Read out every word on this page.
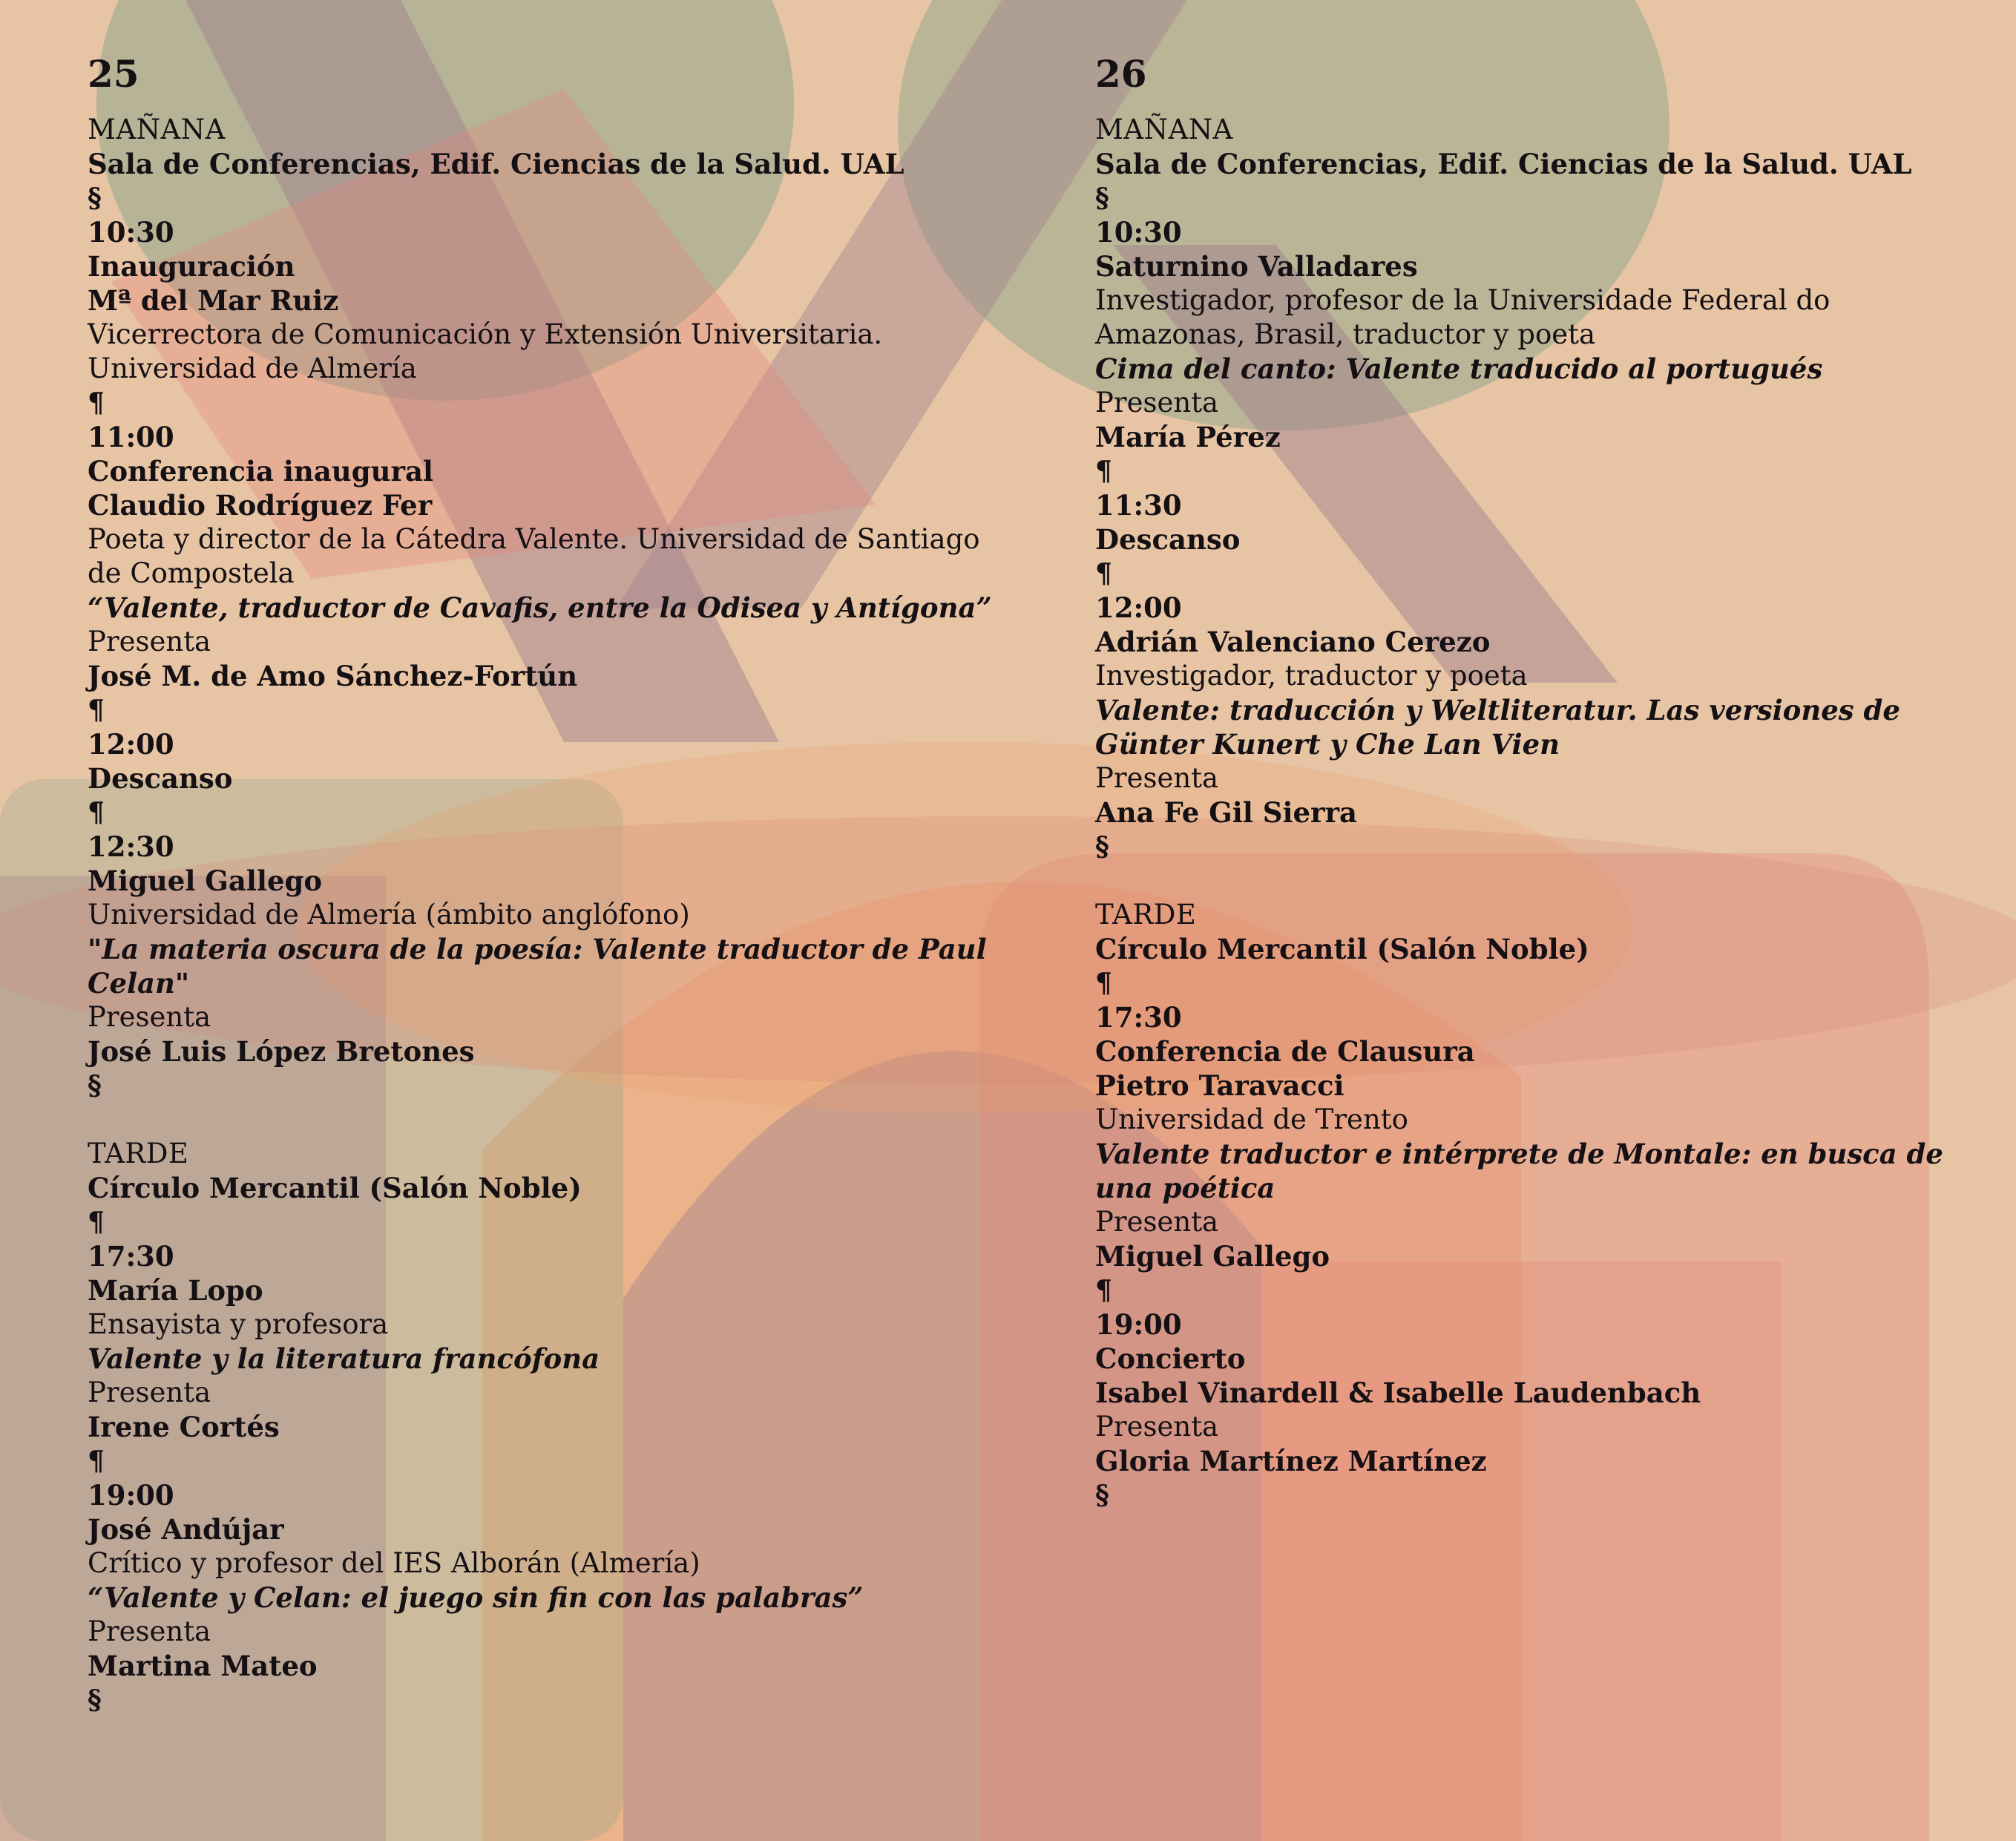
25
MAÑANA
Sala de Conferencias, Edif. Ciencias de la Salud. UAL
§
10:30
Inauguración
Mª del Mar Ruiz
Vicerrectora de Comunicación y Extensión Universitaria. Universidad de Almería
¶
11:00
Conferencia inaugural
Claudio Rodríguez Fer
Poeta y director de la Cátedra Valente. Universidad de Santiago de Compostela
“Valente, traductor de Cavafis, entre la Odisea y Antígona”
Presenta
José M. de Amo Sánchez-Fortún
¶
12:00
Descanso
¶
12:30
Miguel Gallego
Universidad de Almería (ámbito anglófono)
"La materia oscura de la poesía: Valente traductor de Paul Celan"
Presenta
José Luis López Bretones
§
TARDE
Círculo Mercantil (Salón Noble)
¶
17:30
María Lopo
Ensayista y profesora
Valente y la literatura francófona
Presenta
Irene Cortés
¶
19:00
José Andújar
Crítico y profesor del IES Alborán (Almería)
“Valente y Celan: el juego sin fin con las palabras”
Presenta
Martina Mateo
§
26
MAÑANA
Sala de Conferencias, Edif. Ciencias de la Salud. UAL
§
10:30
Saturnino Valladares
Investigador, profesor de la Universidade Federal do Amazonas, Brasil, traductor y poeta
Cima del canto: Valente traducido al portugués
Presenta
María Pérez
¶
11:30
Descanso
¶
12:00
Adrián Valenciano Cerezo
Investigador, traductor y poeta
Valente: traducción y Weltliteratur. Las versiones de Günter Kunert y Che Lan Vien
Presenta
Ana Fe Gil Sierra
§
TARDE
Círculo Mercantil (Salón Noble)
¶
17:30
Conferencia de Clausura
Pietro Taravacci
Universidad de Trento
Valente traductor e intérprete de Montale: en busca de una poética
Presenta
Miguel Gallego
¶
19:00
Concierto
Isabel Vinardell & Isabelle Laudenbach
Presenta
Gloria Martínez Martínez
§
